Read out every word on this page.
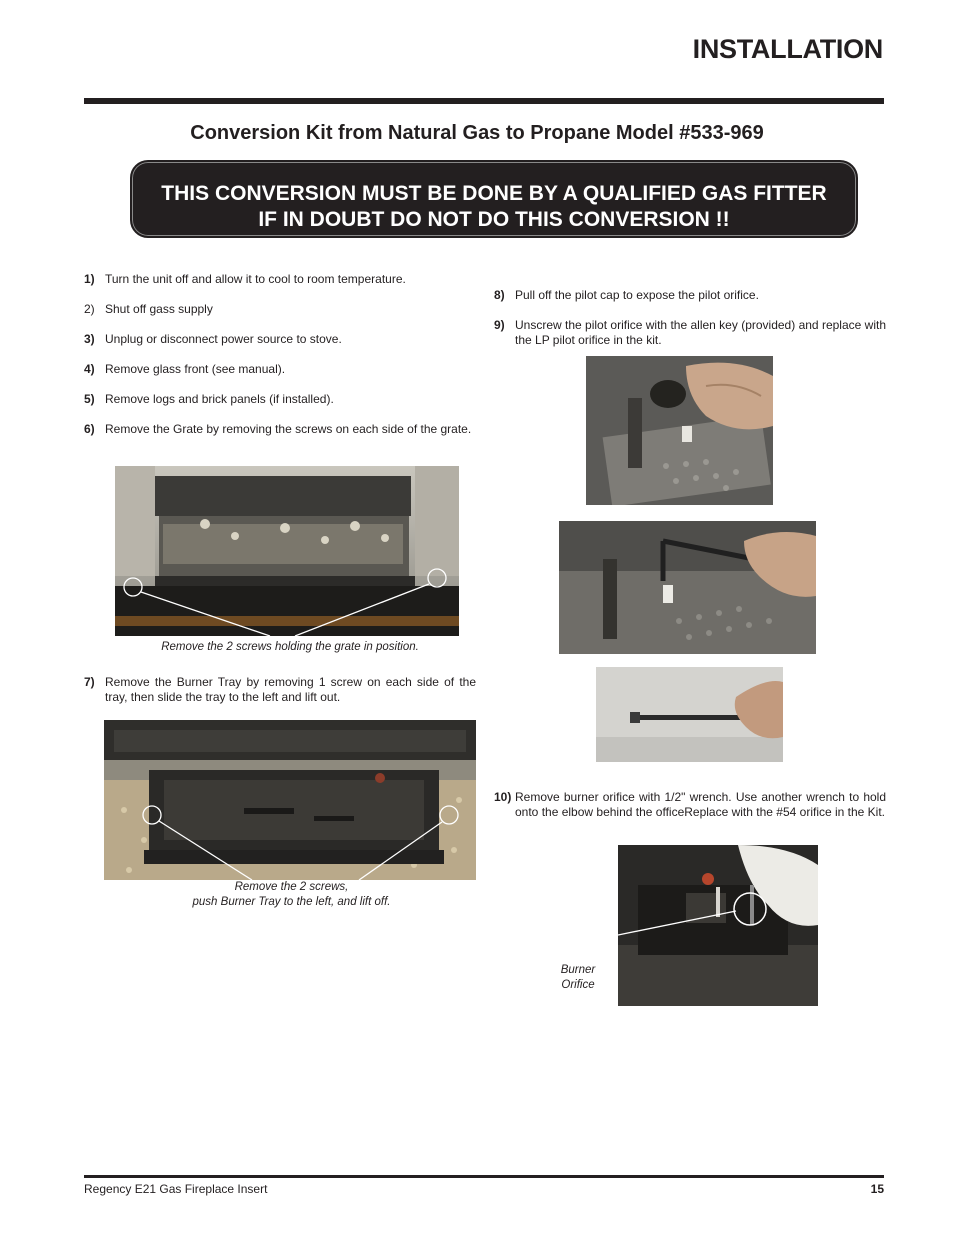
INSTALLATION
Conversion Kit from Natural Gas to Propane Model #533-969
THIS CONVERSION MUST BE DONE BY A QUALIFIED GAS FITTER
IF IN DOUBT DO NOT DO THIS CONVERSION !!
1) Turn the unit off and allow it to cool to room temperature.
2) Shut off gass supply
3) Unplug or disconnect power source to stove.
4) Remove glass front (see manual).
5) Remove logs and brick panels (if installed).
6) Remove the Grate by removing the screws on each side of the grate.
Remove the 2 screws holding the grate in position.
7) Remove the Burner Tray by removing 1 screw on each side of the tray, then slide the tray to the left and lift out.
Remove the 2 screws,
push Burner Tray to the left, and lift off.
8) Pull off the pilot cap to expose the pilot orifice.
9) Unscrew the pilot orifice with the allen key (provided) and replace with the LP pilot orifice in the kit.
10) Remove burner orifice with 1/2" wrench. Use another wrench to hold onto the elbow behind the officeReplace with the #54 orifice in the Kit.
Burner
Orifice
Regency E21 Gas Fireplace Insert	15
